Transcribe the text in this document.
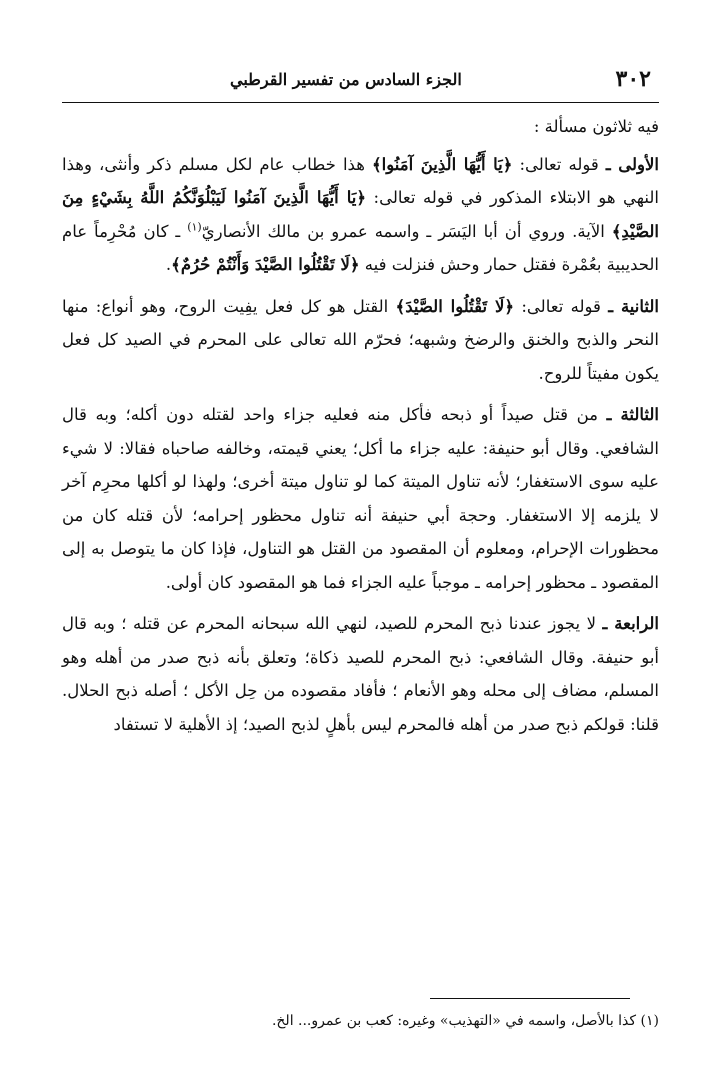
٣٠٢
الجزء السادس من تفسير القرطبي

فيه ثلاثون مسألة :

الأولى ـ قوله تعالى: ﴿يَا أَيُّهَا الَّذِينَ آمَنُوا﴾ هذا خطاب عام لكل مسلم ذكر وأنثى، وهذا النهي هو الابتلاء المذكور في قوله تعالى: ﴿يَا أَيُّهَا الَّذِينَ آمَنُوا لَيَبْلُوَنَّكُمُ اللَّهُ بِشَيْءٍ مِنَ الصَّيْدِ﴾ الآية. وروي أن أبا اليَسَر ـ واسمه عمرو بن مالك الأنصاريّ$^{(١)}$ ـ كان مُحْرِماً عام الحديبية بعُمْرة فقتل حمار وحش فنزلت فيه ﴿لَا تَقْتُلُوا الصَّيْدَ وَأَنْتُمْ حُرُمٌ﴾.

الثانية ـ قوله تعالى: ﴿لَا تَقْتُلُوا الصَّيْدَ﴾ القتل هو كل فعل يفِيت الروح، وهو أنواع: منها النحر والذبح والخنق والرضخ وشبهه؛ فحرّم الله تعالى على المحرم في الصيد كل فعل يكون مفيتاً للروح.

الثالثة ـ من قتل صيداً أو ذبحه فأكل منه فعليه جزاء واحد لقتله دون أكله؛ وبه قال الشافعي. وقال أبو حنيفة: عليه جزاء ما أكل؛ يعني قيمته، وخالفه صاحباه فقالا: لا شيء عليه سوى الاستغفار؛ لأنه تناول الميتة كما لو تناول ميتة أخرى؛ ولهذا لو أكلها محرِم آخر لا يلزمه إلا الاستغفار. وحجة أبي حنيفة أنه تناول محظور إحرامه؛ لأن قتله كان من محظورات الإحرام، ومعلوم أن المقصود من القتل هو التناول، فإذا كان ما يتوصل به إلى المقصود ـ محظور إحرامه ـ موجباً عليه الجزاء فما هو المقصود كان أولى.

الرابعة ـ لا يجوز عندنا ذبح المحرم للصيد، لنهي الله سبحانه المحرم عن قتله ؛ وبه قال أبو حنيفة. وقال الشافعي: ذبح المحرم للصيد ذكاة؛ وتعلق بأنه ذبح صدر من أهله وهو المسلم، مضاف إلى محله وهو الأنعام ؛ فأفاد مقصوده من حِل الأكل ؛ أصله ذبح الحلال. قلنا: قولكم ذبح صدر من أهله فالمحرم ليس بأهلٍ لذبح الصيد؛ إذ الأهلية لا تستفاد

(١) كذا بالأصل، واسمه في «التهذيب» وغيره: كعب بن عمرو... الخ.
